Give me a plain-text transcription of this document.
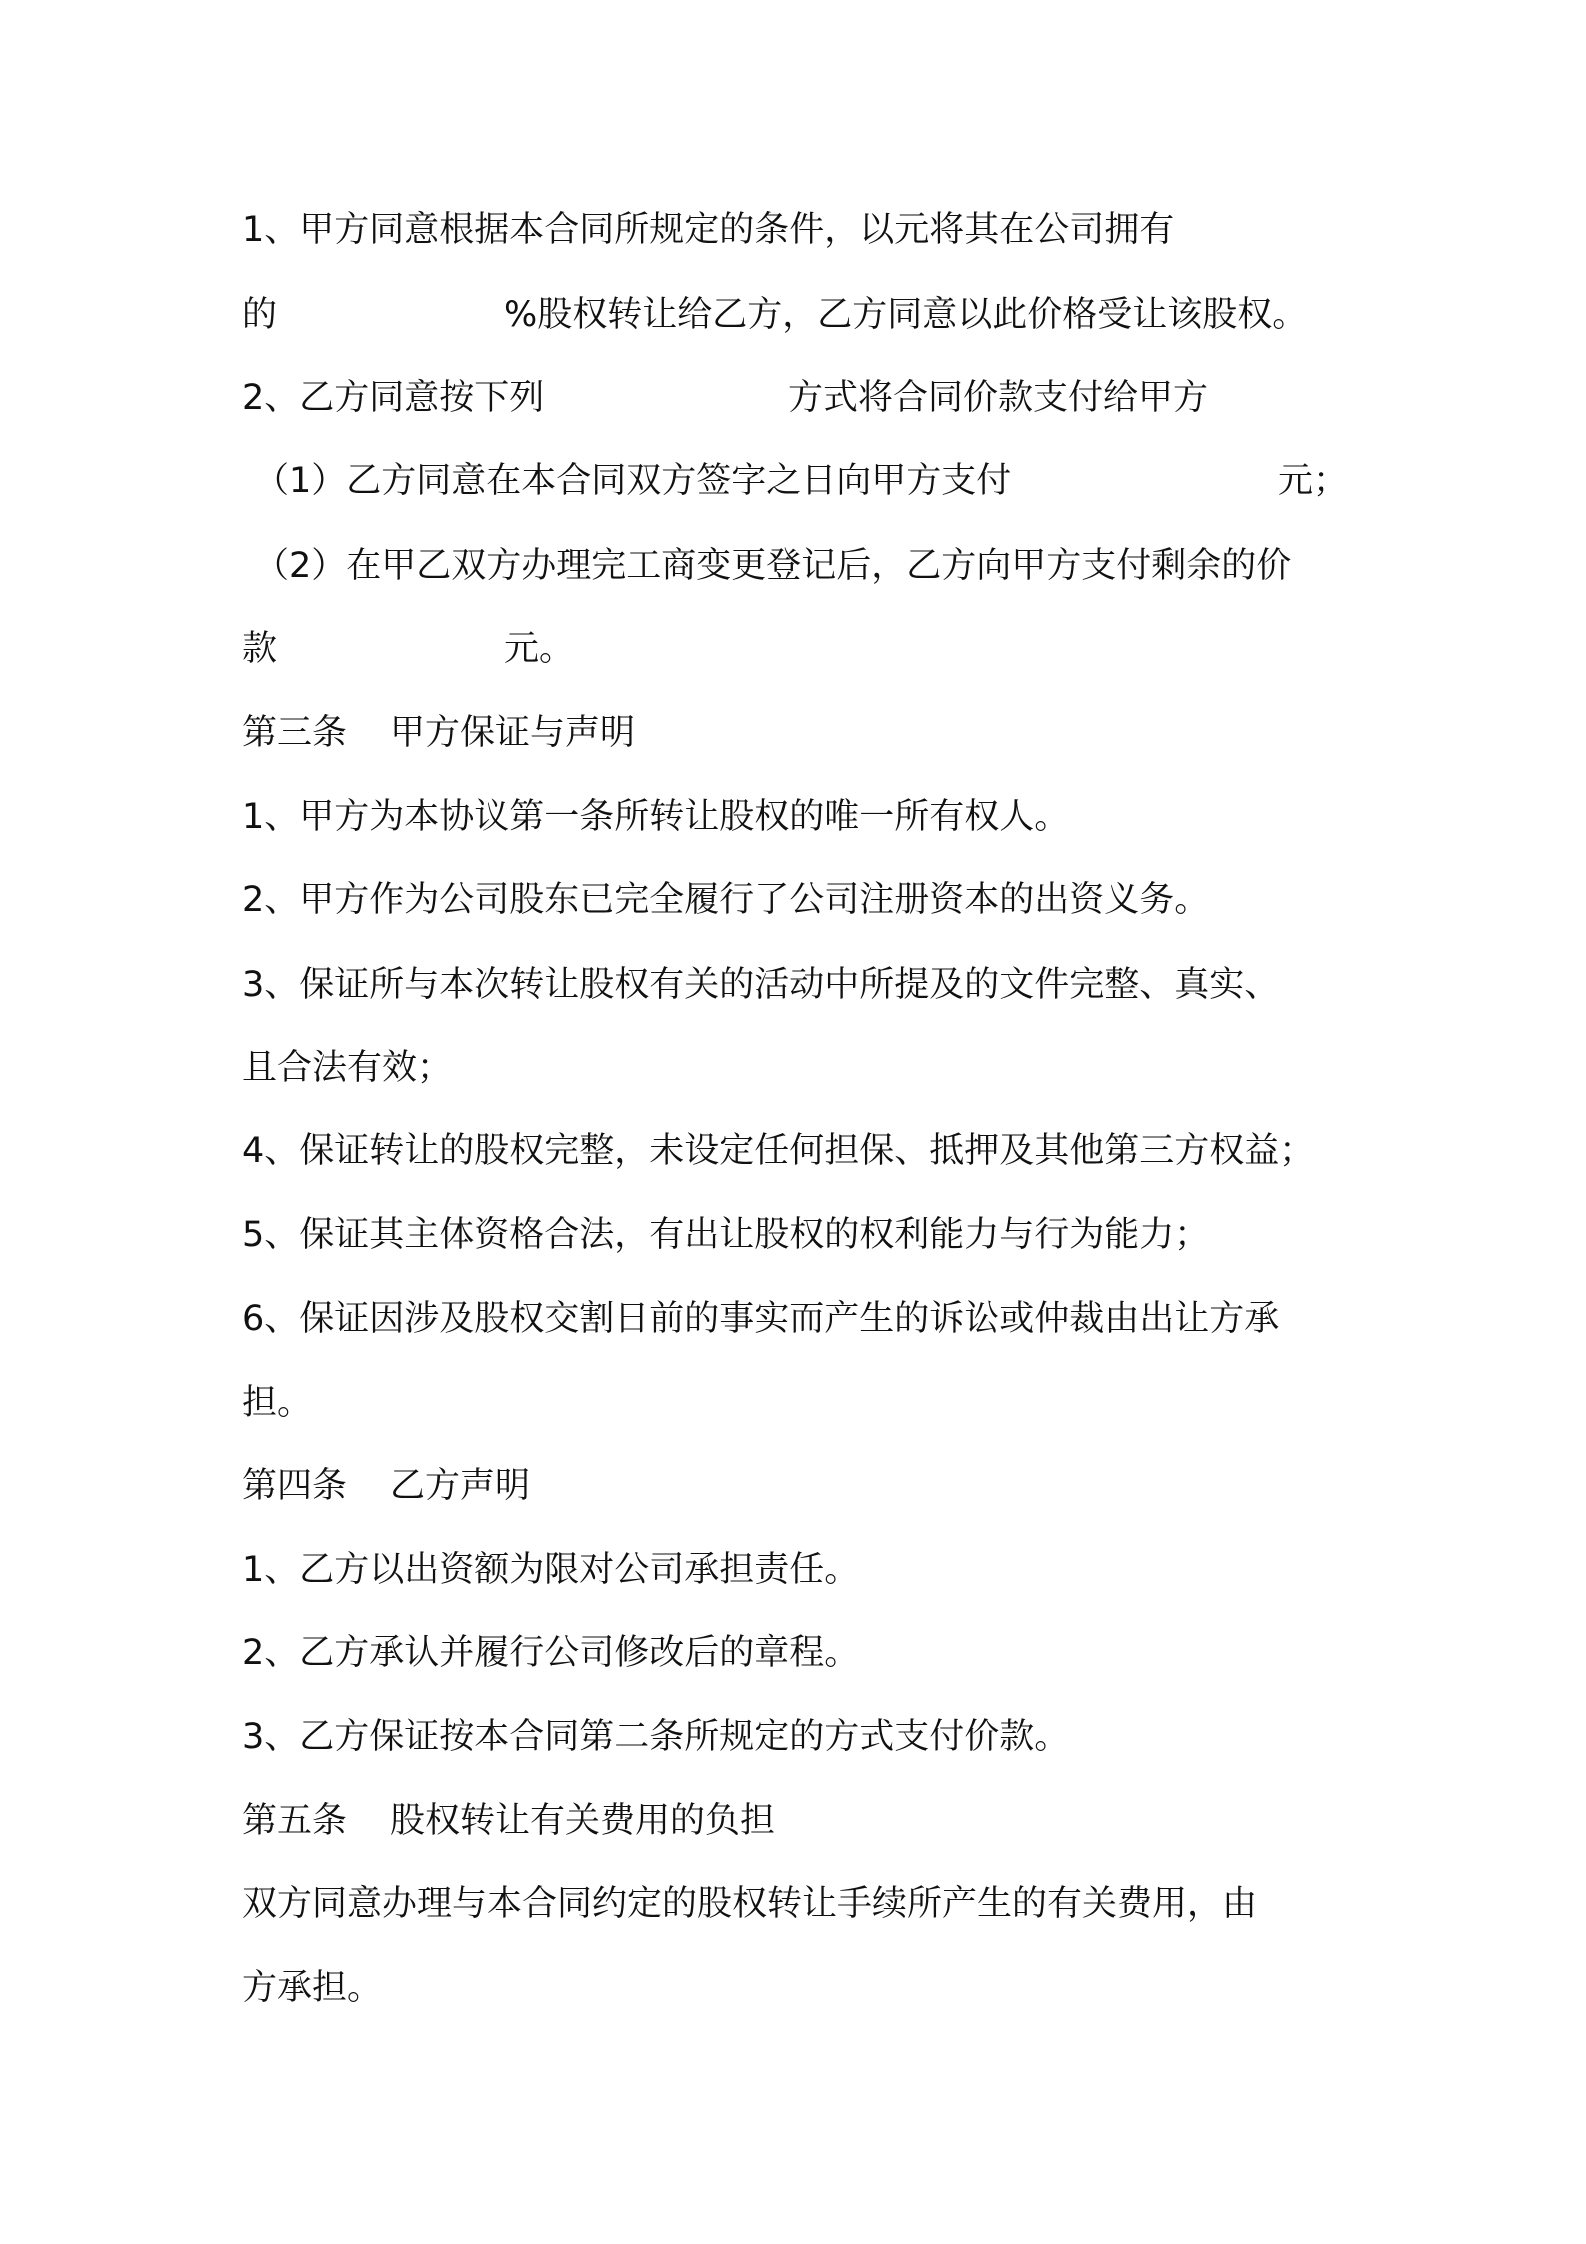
1、甲方同意根据本合同所规定的条件，以元将其在公司拥有

的	%股权转让给乙方，乙方同意以此价格受让该股权。

2、乙方同意按下列	方式将合同价款支付给甲方

（1）乙方同意在本合同双方签字之日向甲方支付	元；

（2）在甲乙双方办理完工商变更登记后，乙方向甲方支付剩余的价

款	元。

第三条 甲方保证与声明

1、甲方为本协议第一条所转让股权的唯一所有权人。

2、甲方作为公司股东已完全履行了公司注册资本的出资义务。

3、保证所与本次转让股权有关的活动中所提及的文件完整、真实、

且合法有效；

4、保证转让的股权完整，未设定任何担保、抵押及其他第三方权益；

5、保证其主体资格合法，有出让股权的权利能力与行为能力；

6、保证因涉及股权交割日前的事实而产生的诉讼或仲裁由出让方承

担。

第四条 乙方声明

1、乙方以出资额为限对公司承担责任。

2、乙方承认并履行公司修改后的章程。

3、乙方保证按本合同第二条所规定的方式支付价款。

第五条 股权转让有关费用的负担

双方同意办理与本合同约定的股权转让手续所产生的有关费用，由

方承担。
